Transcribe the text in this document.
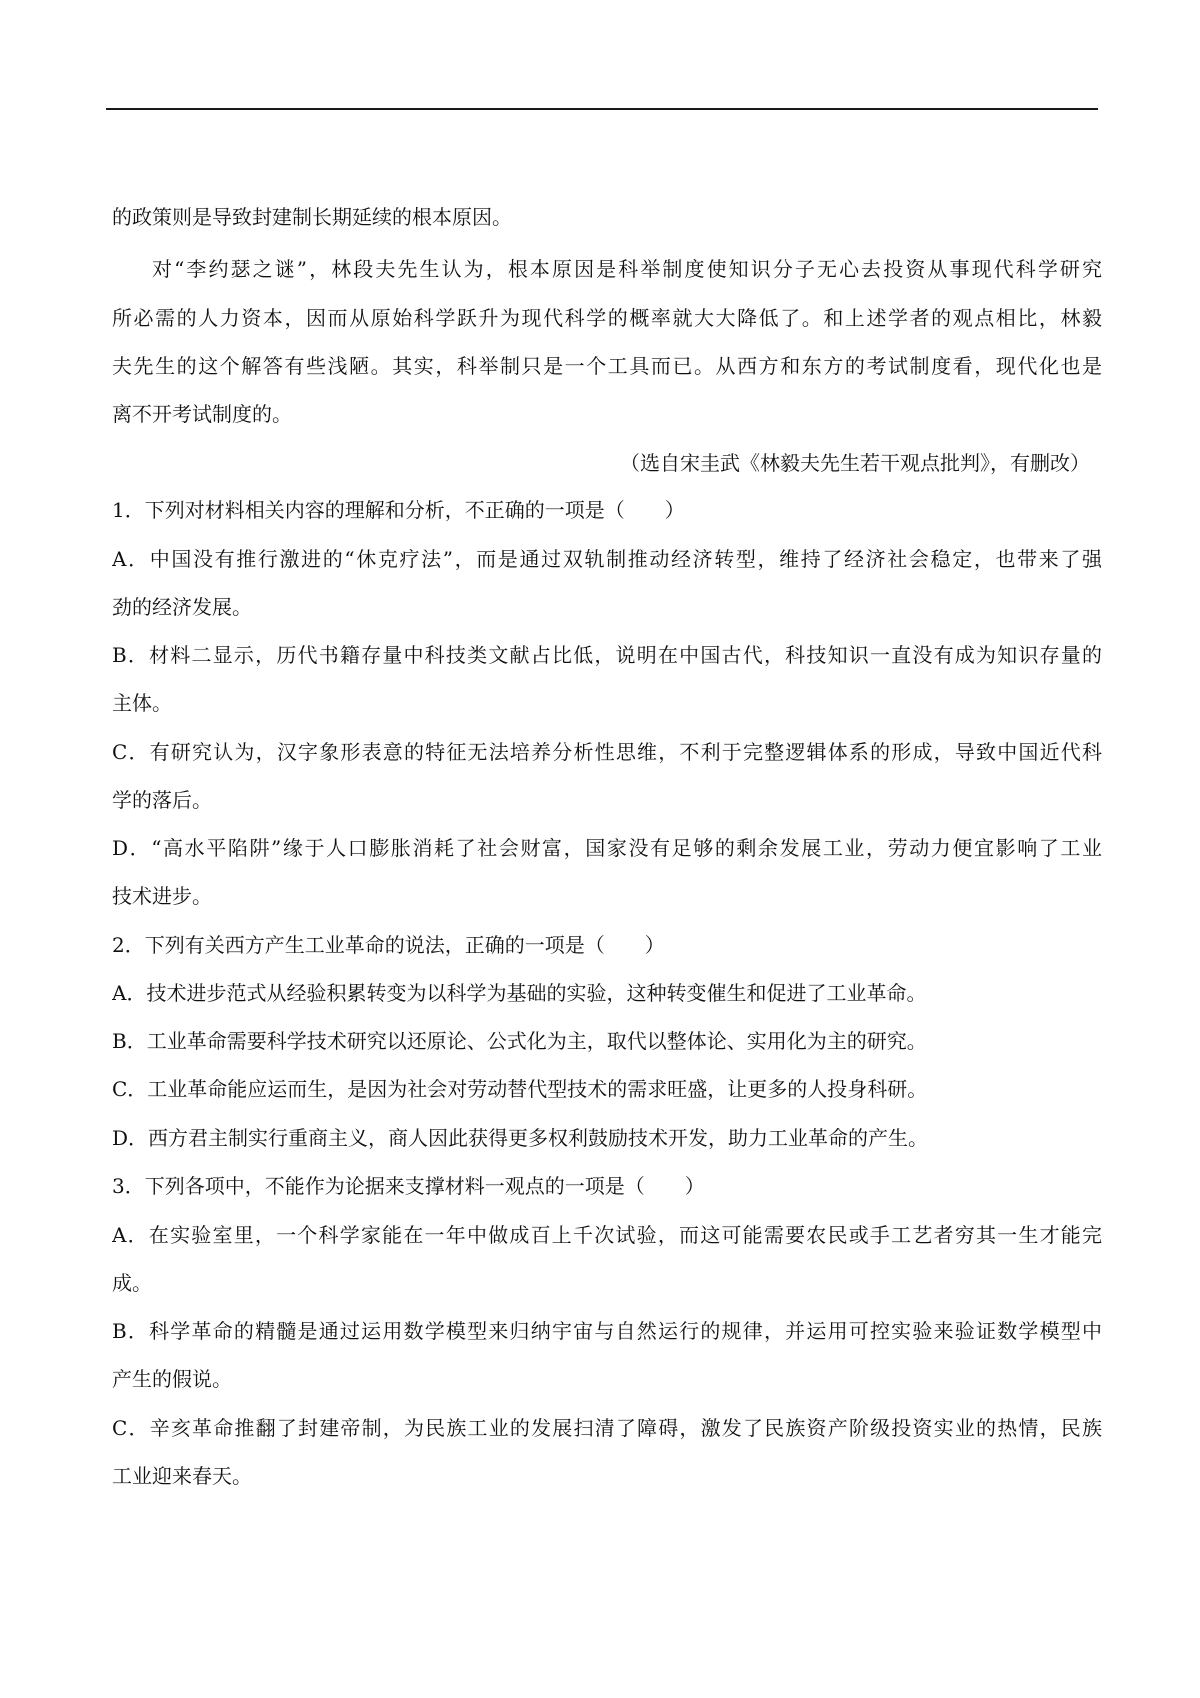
的政策则是导致封建制长期延续的根本原因。
对“李约瑟之谜”，林段夫先生认为，根本原因是科举制度使知识分子无心去投资从事现代科学研究
所必需的人力资本，因而从原始科学跃升为现代科学的概率就大大降低了。和上述学者的观点相比，林毅
夫先生的这个解答有些浅陋。其实，科举制只是一个工具而已。从西方和东方的考试制度看，现代化也是
离不开考试制度的。
（选自宋圭武《林毅夫先生若干观点批判》，有删改）
1．下列对材料相关内容的理解和分析，不正确的一项是（　　）
A．中国没有推行激进的“休克疗法”，而是通过双轨制推动经济转型，维持了经济社会稳定，也带来了强
劲的经济发展。
B．材料二显示，历代书籍存量中科技类文献占比低，说明在中国古代，科技知识一直没有成为知识存量的
主体。
C．有研究认为，汉字象形表意的特征无法培养分析性思维，不利于完整逻辑体系的形成，导致中国近代科
学的落后。
D．“高水平陷阱”缘于人口膨胀消耗了社会财富，国家没有足够的剩余发展工业，劳动力便宜影响了工业
技术进步。
2．下列有关西方产生工业革命的说法，正确的一项是（　　）
A．技术进步范式从经验积累转变为以科学为基础的实验，这种转变催生和促进了工业革命。
B．工业革命需要科学技术研究以还原论、公式化为主，取代以整体论、实用化为主的研究。
C．工业革命能应运而生，是因为社会对劳动替代型技术的需求旺盛，让更多的人投身科研。
D．西方君主制实行重商主义，商人因此获得更多权利鼓励技术开发，助力工业革命的产生。
3．下列各项中，不能作为论据来支撑材料一观点的一项是（　　）
A．在实验室里，一个科学家能在一年中做成百上千次试验，而这可能需要农民或手工艺者穷其一生才能完
成。
B．科学革命的精髓是通过运用数学模型来归纳宇宙与自然运行的规律，并运用可控实验来验证数学模型中
产生的假说。
C．辛亥革命推翻了封建帝制，为民族工业的发展扫清了障碍，激发了民族资产阶级投资实业的热情，民族
工业迎来春天。
